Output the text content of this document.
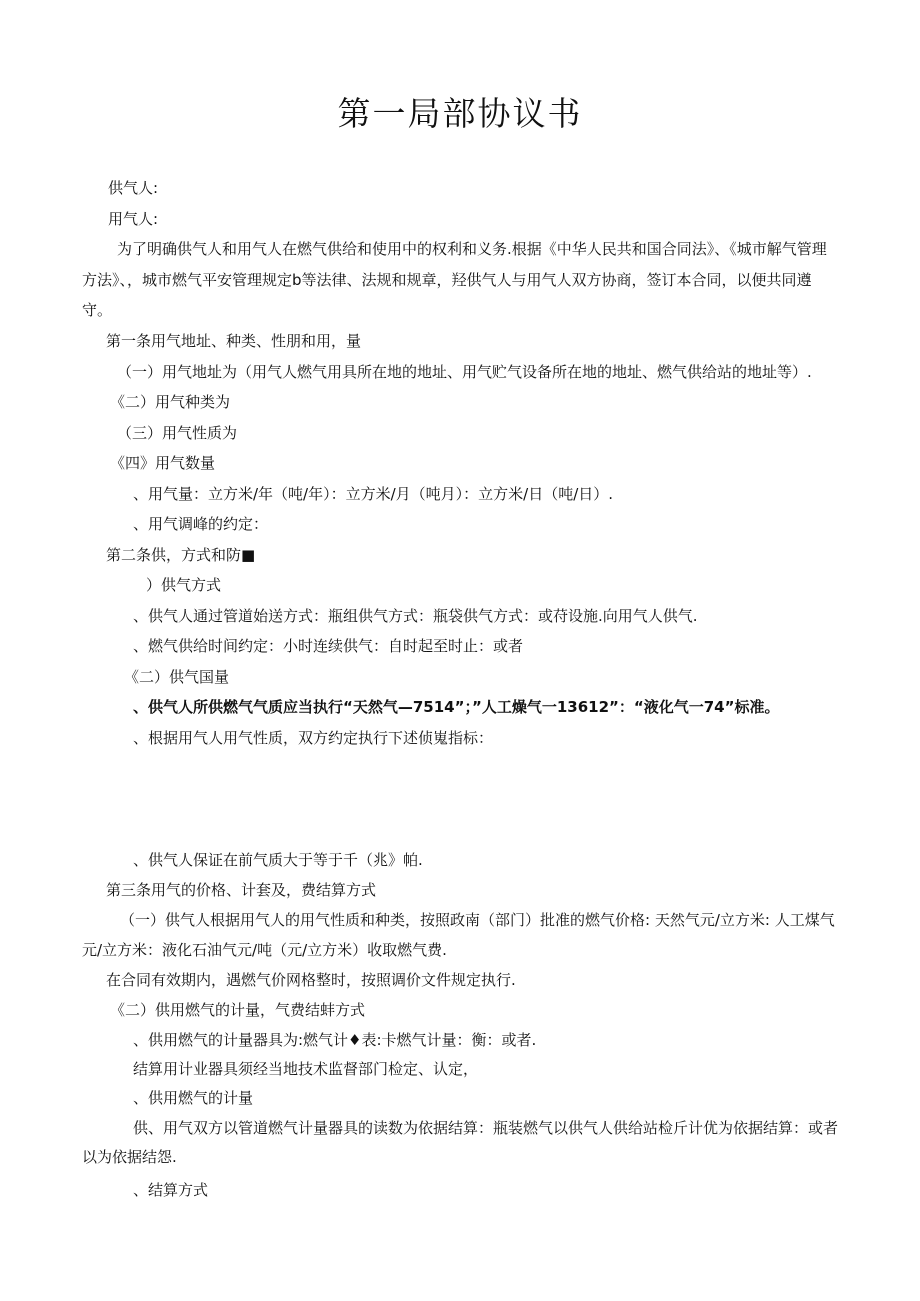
第一局部协议书
供气人:
用气人:
为了明确供气人和用气人在燃气供给和使用中的权利和义务.根据《中华人民共和国合同法》、《城市解气管理
方法》、，城市燃气平安管理规定b等法律、法规和规章，羟供气人与用气人双方协商，签订本合同，以便共同遵
守。
第一条用气地址、种类、性朋和用，量
（一）用气地址为（用气人燃气用具所在地的地址、用气贮气设备所在地的地址、燃气供给站的地址等）.
《二）用气种类为
（三）用气性质为
《四》用气数量
、用气量：立方米/年（吨/年）：立方米/月（吨月）：立方米/日（吨/日）.
、用气调峰的约定：
第二条供，方式和防■
）供气方式
、供气人通过管道始送方式：瓶组供气方式：瓶袋供气方式：或苻设施.向用气人供气.
、燃气供给时间约定：小时连续供气：自时起至时止：或者
《二）供气国量
、供气人所供燃气气质应当执行“天然气—7514”；”人工燥气一13612”：“液化气一74”标准。
、根据用气人用气性质，双方约定执行下述侦嵬指标：
、供气人保证在前气质大于等于千（兆》帕.
第三条用气的价格、计套及，费结算方式
（一）供气人根据用气人的用气性质和种类，按照政南（部门）批准的燃气价格: 天然气元/立方米: 人工煤气
元/立方米：液化石油气元/吨（元/立方米）收取燃气费.
在合同有效期内，遇燃气价网格整时，按照调价文件规定执行.
《二）供用燃气的计量，气费结蚌方式
、供用燃气的计量器具为:燃气计♦表:卡燃气计量：衡：或者.
结算用计业器具须经当地技术监督部门检定、认定，
、供用燃气的计量
供、用气双方以管道燃气计量器具的读数为依据结算：瓶装燃气以供气人供给站检斤计优为依据结算：或者
以为依据结怨.
、结算方式
